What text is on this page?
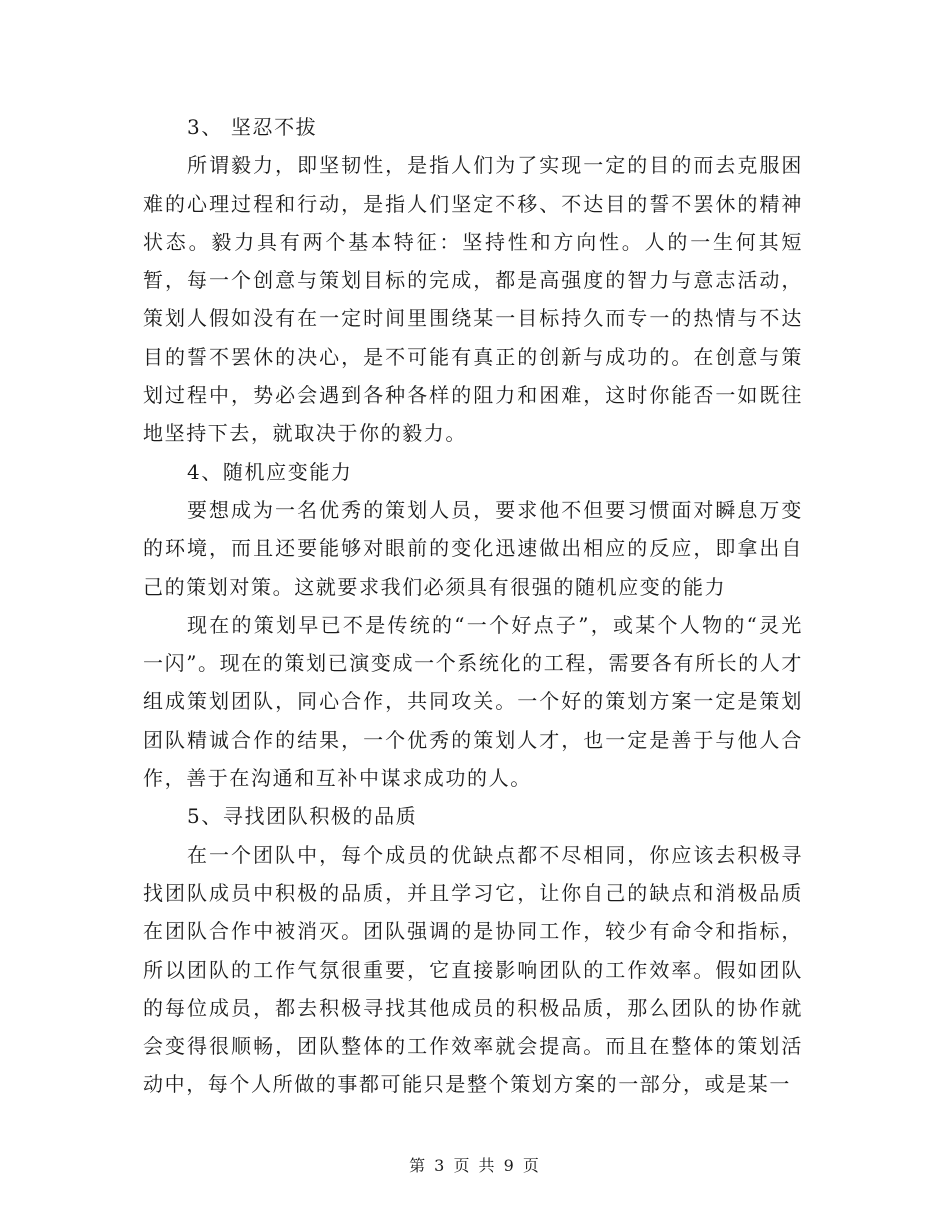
3、 坚忍不拔

所谓毅力，即坚韧性，是指人们为了实现一定的目的而去克服困难的心理过程和行动，是指人们坚定不移、不达目的誓不罢休的精神状态。毅力具有两个基本特征：坚持性和方向性。人的一生何其短暂，每一个创意与策划目标的完成，都是高强度的智力与意志活动，策划人假如没有在一定时间里围绕某一目标持久而专一的热情与不达目的誓不罢休的决心，是不可能有真正的创新与成功的。在创意与策划过程中，势必会遇到各种各样的阻力和困难，这时你能否一如既往地坚持下去，就取决于你的毅力。

4、随机应变能力

要想成为一名优秀的策划人员，要求他不但要习惯面对瞬息万变的环境，而且还要能够对眼前的变化迅速做出相应的反应，即拿出自己的策划对策。这就要求我们必须具有很强的随机应变的能力

现在的策划早已不是传统的“一个好点子”，或某个人物的“灵光一闪”。现在的策划已演变成一个系统化的工程，需要各有所长的人才组成策划团队，同心合作，共同攻关。一个好的策划方案一定是策划团队精诚合作的结果，一个优秀的策划人才，也一定是善于与他人合作，善于在沟通和互补中谋求成功的人。

5、寻找团队积极的品质

在一个团队中，每个成员的优缺点都不尽相同，你应该去积极寻找团队成员中积极的品质，并且学习它，让你自己的缺点和消极品质在团队合作中被消灭。团队强调的是协同工作，较少有命令和指标，所以团队的工作气氛很重要，它直接影响团队的工作效率。假如团队的每位成员，都去积极寻找其他成员的积极品质，那么团队的协作就会变得很顺畅，团队整体的工作效率就会提高。而且在整体的策划活动中，每个人所做的事都可能只是整个策划方案的一部分，或是某一

第 3 页 共 9 页
